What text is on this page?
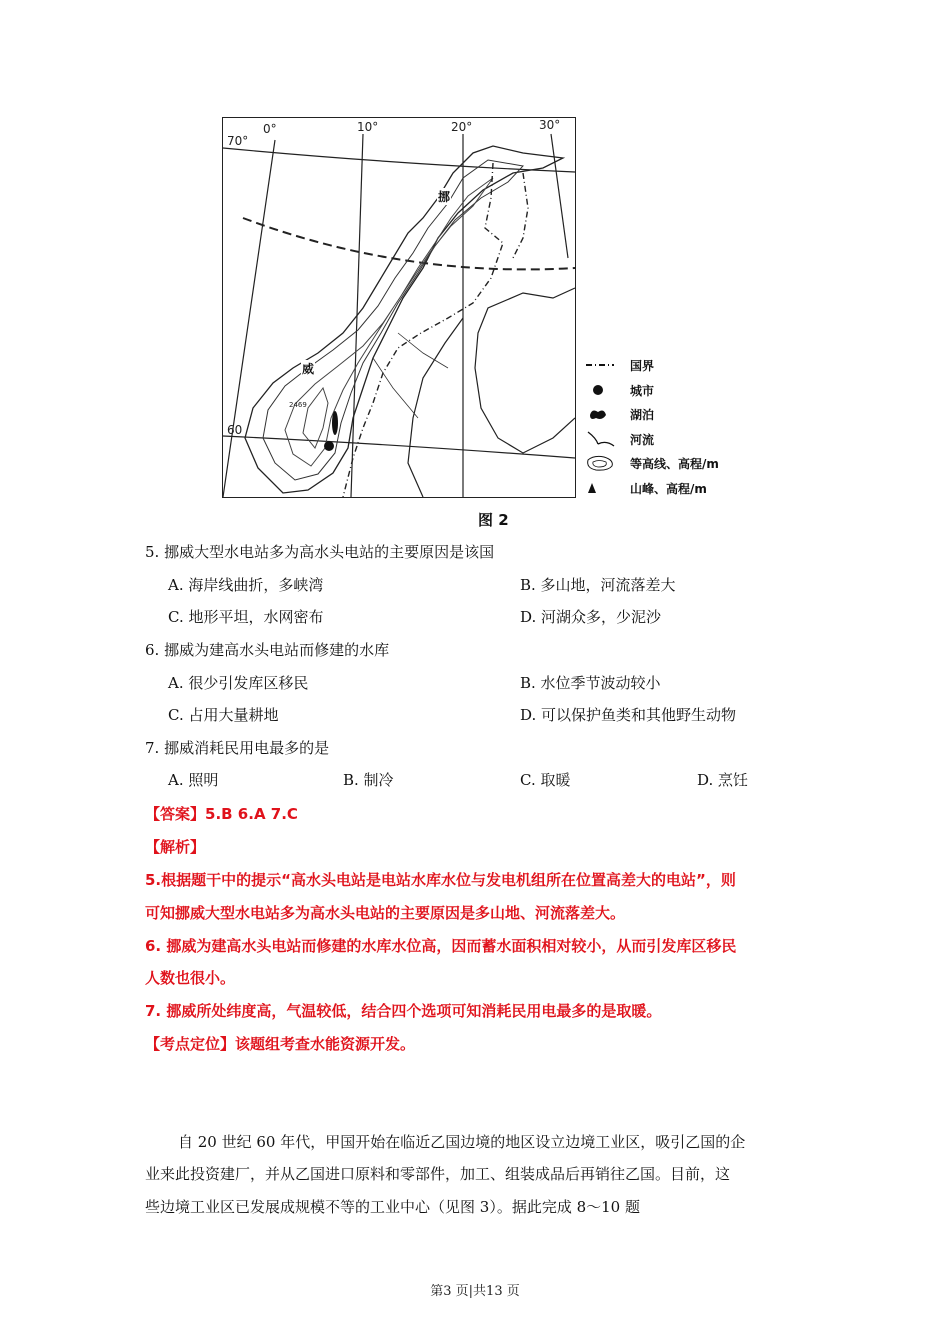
0°	10°	20°	30°
70°
60
挪
威
2469
国界
城市
湖泊
河流
等高线、高程/m
山峰、高程/m
图 2
5. 挪威大型水电站多为高水头电站的主要原因是该国
A. 海岸线曲折，多峡湾	B. 多山地，河流落差大
C. 地形平坦，水网密布	D. 河湖众多，少泥沙
6. 挪威为建高水头电站而修建的水库
A. 很少引发库区移民	B. 水位季节波动较小
C. 占用大量耕地	D. 可以保护鱼类和其他野生动物
7. 挪威消耗民用电最多的是
A. 照明	B. 制冷	C. 取暖	D. 烹饪
【答案】5.B 6.A 7.C
【解析】
5.根据题干中的提示“高水头电站是电站水库水位与发电机组所在位置高差大的电站”，则
可知挪威大型水电站多为高水头电站的主要原因是多山地、河流落差大。
6. 挪威为建高水头电站而修建的水库水位高，因而蓄水面积相对较小，从而引发库区移民
人数也很小。
7. 挪威所处纬度高，气温较低，结合四个选项可知消耗民用电最多的是取暖。
【考点定位】该题组考查水能资源开发。
自 20 世纪 60 年代，甲国开始在临近乙国边境的地区设立边境工业区，吸引乙国的企
业来此投资建厂，并从乙国进口原料和零部件，加工、组装成品后再销往乙国。目前，这
些边境工业区已发展成规模不等的工业中心（见图 3）。据此完成 8～10 题
第3 页|共13 页
